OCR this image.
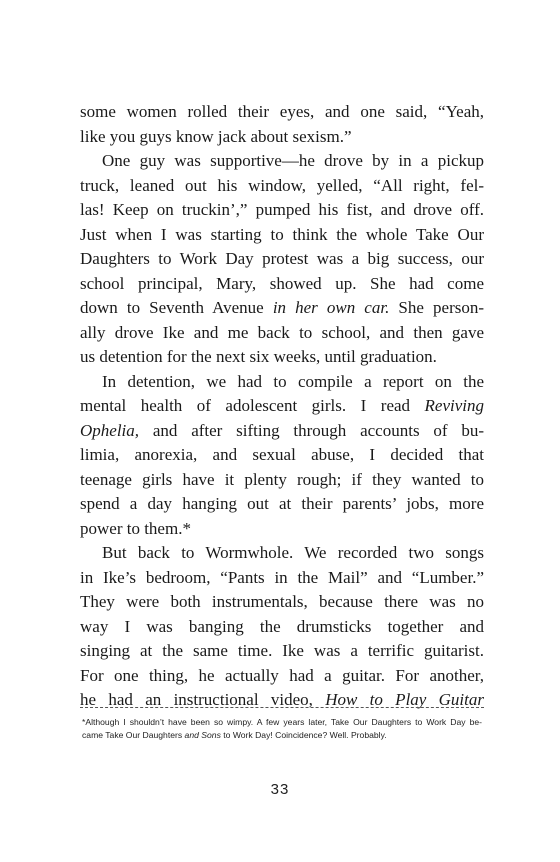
some women rolled their eyes, and one said, “Yeah,
like you guys know jack about sexism.”

One guy was supportive—he drove by in a pickup
truck, leaned out his window, yelled, “All right, fel-
las! Keep on truckin’,” pumped his fist, and drove off.
Just when I was starting to think the whole Take Our
Daughters to Work Day protest was a big success, our
school principal, Mary, showed up. She had come
down to Seventh Avenue in her own car. She person-
ally drove Ike and me back to school, and then gave
us detention for the next six weeks, until graduation.

In detention, we had to compile a report on the
mental health of adolescent girls. I read Reviving
Ophelia, and after sifting through accounts of bu-
limia, anorexia, and sexual abuse, I decided that
teenage girls have it plenty rough; if they wanted to
spend a day hanging out at their parents’ jobs, more
power to them.*

But back to Wormwhole. We recorded two songs
in Ike’s bedroom, “Pants in the Mail” and “Lumber.”
They were both instrumentals, because there was no
way I was banging the drumsticks together and
singing at the same time. Ike was a terrific guitarist.
For one thing, he actually had a guitar. For another,
he had an instructional video, How to Play Guitar

*Although I shouldn’t have been so wimpy. A few years later, Take Our Daughters to Work Day be-
came Take Our Daughters and Sons to Work Day! Coincidence? Well. Probably.
33
